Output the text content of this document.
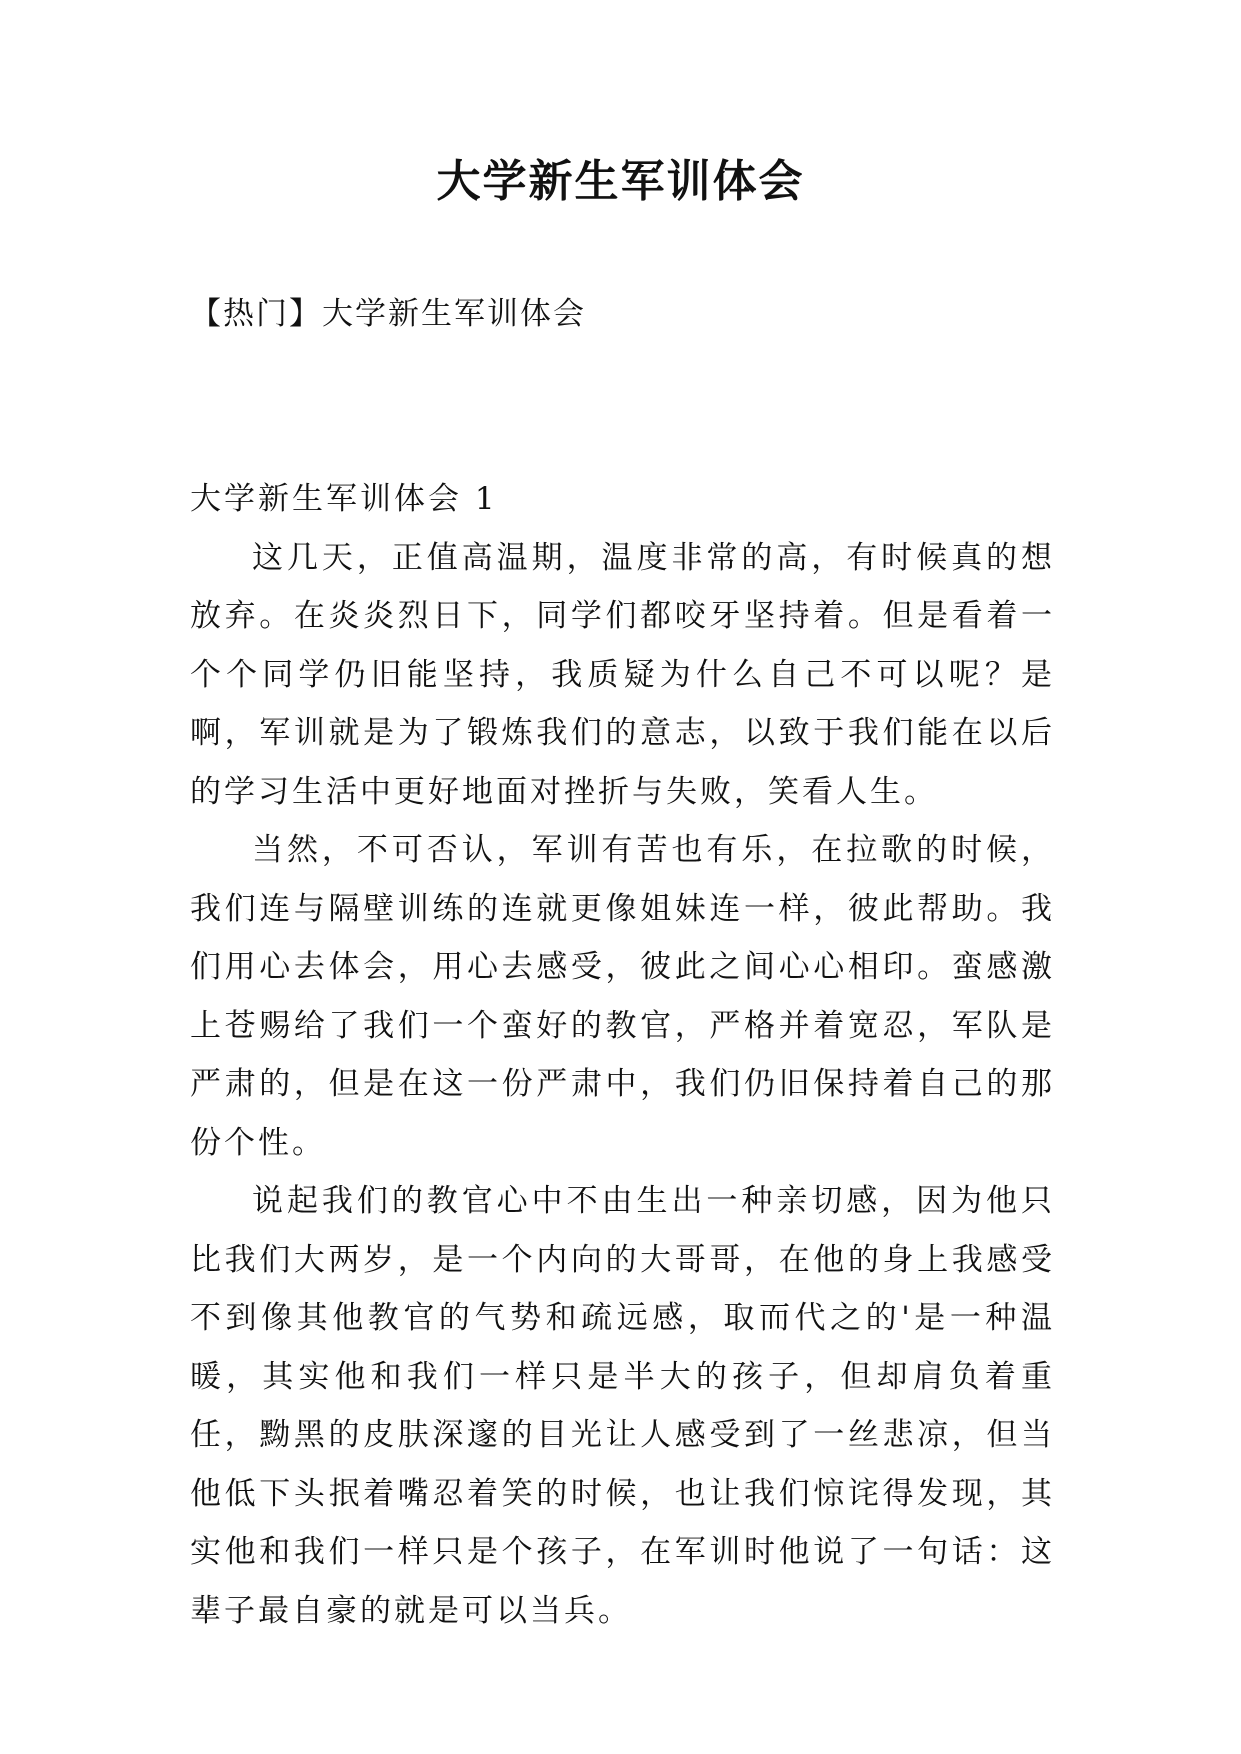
大学新生军训体会
【热门】大学新生军训体会

大学新生军训体会 1

这几天，正值高温期，温度非常的高，有时候真的想放弃。在炎炎烈日下，同学们都咬牙坚持着。但是看着一个个同学仍旧能坚持，我质疑为什么自己不可以呢？是啊，军训就是为了锻炼我们的意志，以致于我们能在以后的学习生活中更好地面对挫折与失败，笑看人生。

当然，不可否认，军训有苦也有乐，在拉歌的时候，我们连与隔壁训练的连就更像姐妹连一样，彼此帮助。我们用心去体会，用心去感受，彼此之间心心相印。蛮感激上苍赐给了我们一个蛮好的教官，严格并着宽忍，军队是严肃的，但是在这一份严肃中，我们仍旧保持着自己的那份个性。

说起我们的教官心中不由生出一种亲切感，因为他只比我们大两岁，是一个内向的大哥哥，在他的身上我感受不到像其他教官的气势和疏远感，取而代之的'是一种温暖，其实他和我们一样只是半大的孩子，但却肩负着重任，黝黑的皮肤深邃的目光让人感受到了一丝悲凉，但当他低下头抿着嘴忍着笑的时候，也让我们惊诧得发现，其实他和我们一样只是个孩子，在军训时他说了一句话：这辈子最自豪的就是可以当兵。
